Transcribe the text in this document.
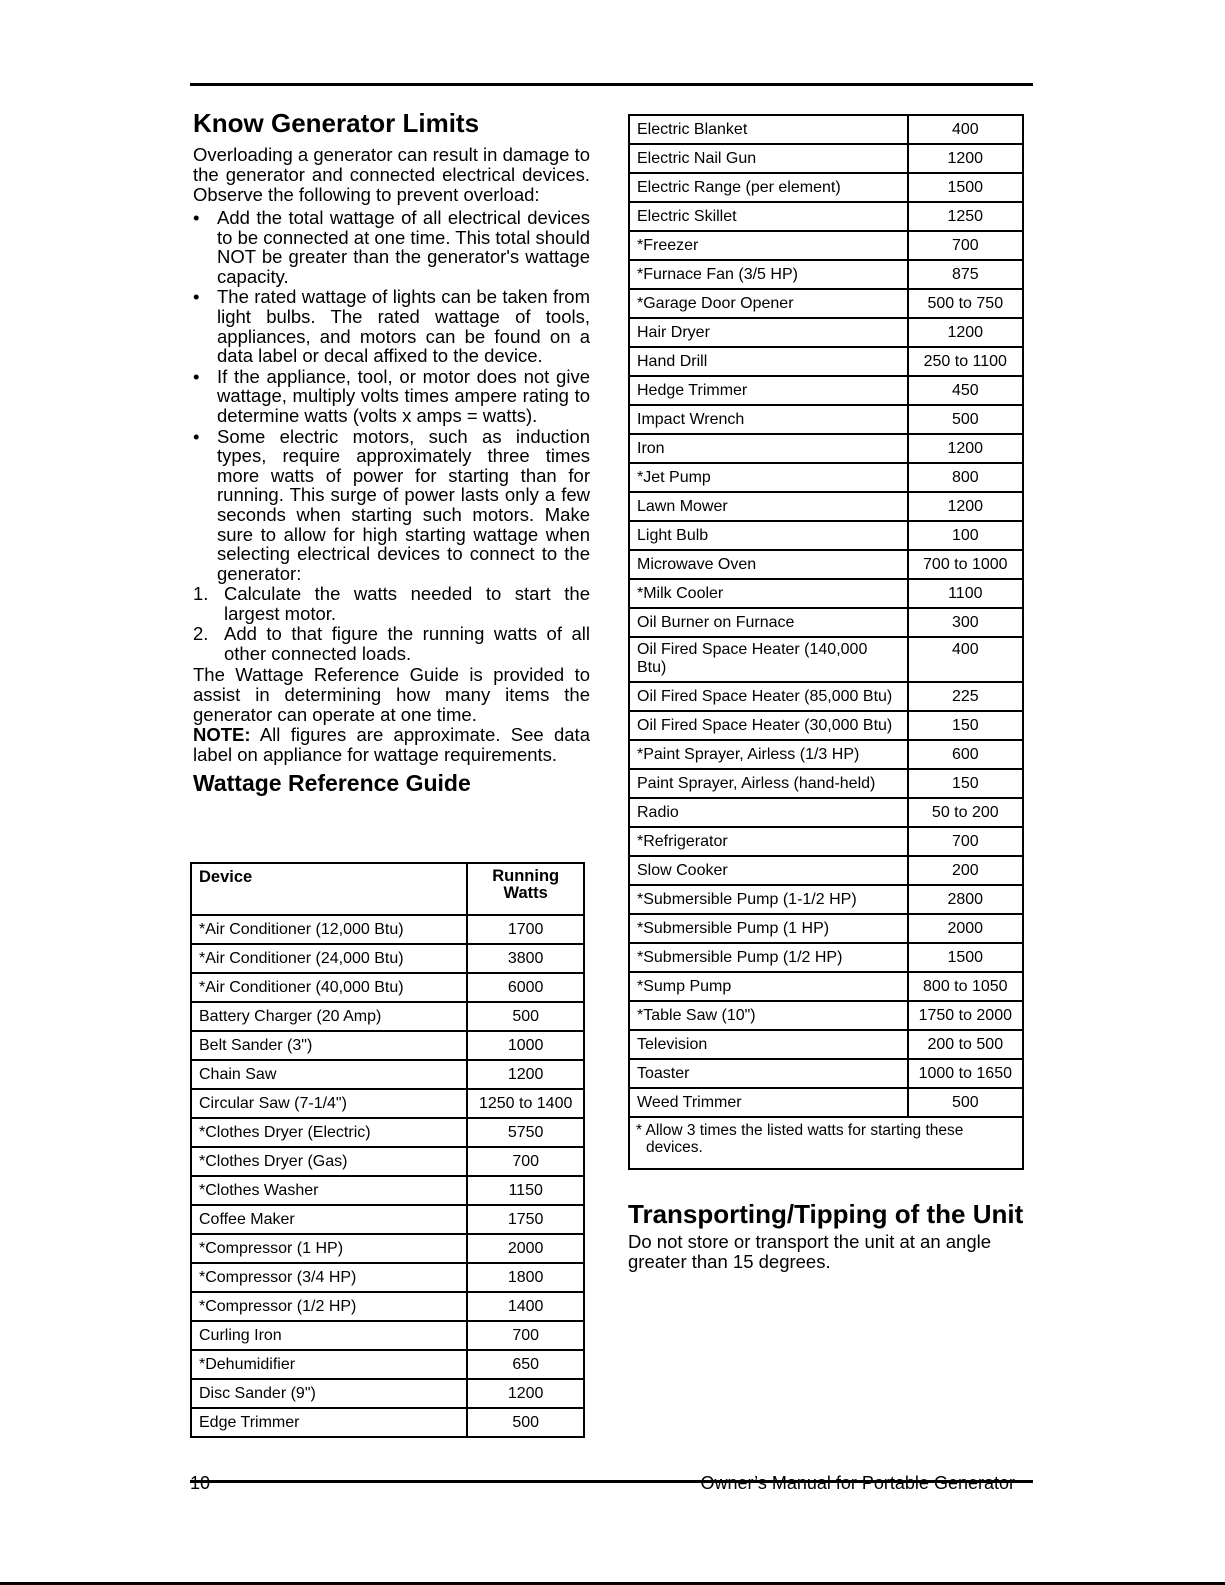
Know Generator Limits

Overloading a generator can result in damage to the generator and connected electrical devices. Observe the following to prevent overload:

• Add the total wattage of all electrical devices to be connected at one time. This total should NOT be greater than the generator's wattage capacity.
• The rated wattage of lights can be taken from light bulbs. The rated wattage of tools, appliances, and motors can be found on a data label or decal affixed to the device.
• If the appliance, tool, or motor does not give wattage, multiply volts times ampere rating to determine watts (volts x amps = watts).
• Some electric motors, such as induction types, require approximately three times more watts of power for starting than for running. This surge of power lasts only a few seconds when starting such motors. Make sure to allow for high starting wattage when selecting electrical devices to connect to the generator:
1. Calculate the watts needed to start the largest motor.
2. Add to that figure the running watts of all other connected loads.

The Wattage Reference Guide is provided to assist in determining how many items the generator can operate at one time.

NOTE: All figures are approximate. See data label on appliance for wattage requirements.

Wattage Reference Guide
Device	Running Watts
*Air Conditioner (12,000 Btu)	1700
*Air Conditioner (24,000 Btu)	3800
*Air Conditioner (40,000 Btu)	6000
Battery Charger (20 Amp)	500
Belt Sander (3")	1000
Chain Saw	1200
Circular Saw (7-1/4")	1250 to 1400
*Clothes Dryer (Electric)	5750
*Clothes Dryer (Gas)	700
*Clothes Washer	1150
Coffee Maker	1750
*Compressor (1 HP)	2000
*Compressor (3/4 HP)	1800
*Compressor (1/2 HP)	1400
Curling Iron	700
*Dehumidifier	650
Disc Sander (9")	1200
Edge Trimmer	500
Electric Blanket	400
Electric Nail Gun	1200
Electric Range (per element)	1500
Electric Skillet	1250
*Freezer	700
*Furnace Fan (3/5 HP)	875
*Garage Door Opener	500 to 750
Hair Dryer	1200
Hand Drill	250 to 1100
Hedge Trimmer	450
Impact Wrench	500
Iron	1200
*Jet Pump	800
Lawn Mower	1200
Light Bulb	100
Microwave Oven	700 to 1000
*Milk Cooler	1100
Oil Burner on Furnace	300
Oil Fired Space Heater (140,000 Btu)	400
Oil Fired Space Heater (85,000 Btu)	225
Oil Fired Space Heater (30,000 Btu)	150
*Paint Sprayer, Airless (1/3 HP)	600
Paint Sprayer, Airless (hand-held)	150
Radio	50 to 200
*Refrigerator	700
Slow Cooker	200
*Submersible Pump (1-1/2 HP)	2800
*Submersible Pump (1 HP)	2000
*Submersible Pump (1/2 HP)	1500
*Sump Pump	800 to 1050
*Table Saw (10")	1750 to 2000
Television	200 to 500
Toaster	1000 to 1650
Weed Trimmer	500

* Allow 3 times the listed watts for starting these devices.	
Transporting/Tipping of the Unit

Do not store or transport the unit at an angle greater than 15 degrees.

10	Owner’s Manual for Portable Generator
